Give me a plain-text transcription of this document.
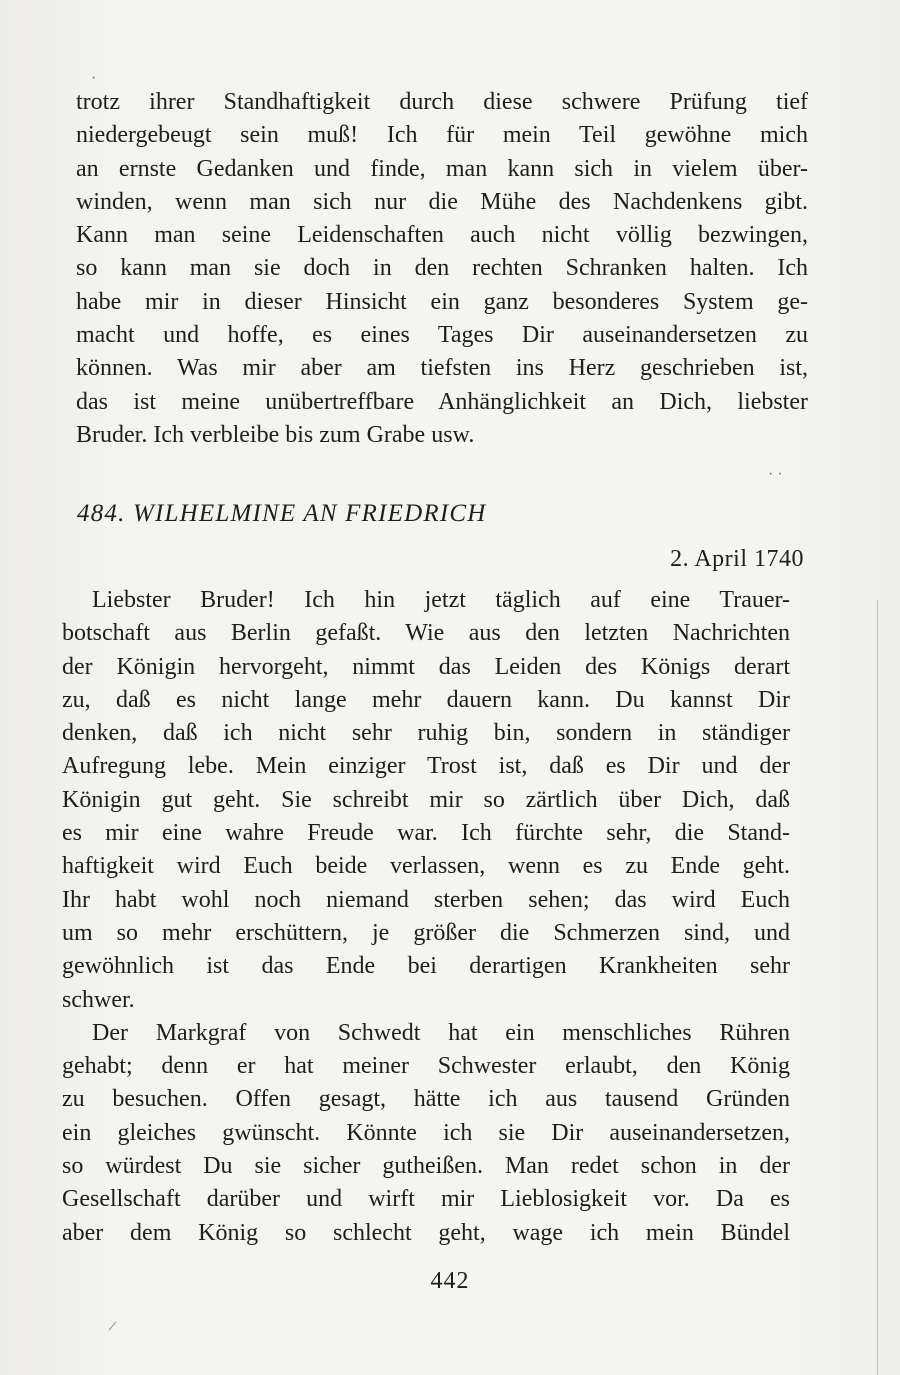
·
· ·
/
trotz ihrer Standhaftigkeit durch diese schwere Prüfung tief
niedergebeugt sein muß! Ich für mein Teil gewöhne mich
an ernste Gedanken und finde, man kann sich in vielem über-
winden, wenn man sich nur die Mühe des Nachdenkens gibt.
Kann man seine Leidenschaften auch nicht völlig bezwingen,
so kann man sie doch in den rechten Schranken halten. Ich
habe mir in dieser Hinsicht ein ganz besonderes System ge-
macht und hoffe, es eines Tages Dir auseinandersetzen zu
können. Was mir aber am tiefsten ins Herz geschrieben ist,
das ist meine unübertreffbare Anhänglichkeit an Dich, liebster
Bruder. Ich verbleibe bis zum Grabe usw.
484. WILHELMINE AN FRIEDRICH
2. April 1740
Liebster Bruder! Ich hin jetzt täglich auf eine Trauer-
botschaft aus Berlin gefaßt. Wie aus den letzten Nachrichten
der Königin hervorgeht, nimmt das Leiden des Königs derart
zu, daß es nicht lange mehr dauern kann. Du kannst Dir
denken, daß ich nicht sehr ruhig bin, sondern in ständiger
Aufregung lebe. Mein einziger Trost ist, daß es Dir und der
Königin gut geht. Sie schreibt mir so zärtlich über Dich, daß
es mir eine wahre Freude war. Ich fürchte sehr, die Stand-
haftigkeit wird Euch beide verlassen, wenn es zu Ende geht.
Ihr habt wohl noch niemand sterben sehen; das wird Euch
um so mehr erschüttern, je größer die Schmerzen sind, und
gewöhnlich ist das Ende bei derartigen Krankheiten sehr
schwer.
Der Markgraf von Schwedt hat ein menschliches Rühren
gehabt; denn er hat meiner Schwester erlaubt, den König
zu besuchen. Offen gesagt, hätte ich aus tausend Gründen
ein gleiches gwünscht. Könnte ich sie Dir auseinandersetzen,
so würdest Du sie sicher gutheißen. Man redet schon in der
Gesellschaft darüber und wirft mir Lieblosigkeit vor. Da es
aber dem König so schlecht geht, wage ich mein Bündel
442
